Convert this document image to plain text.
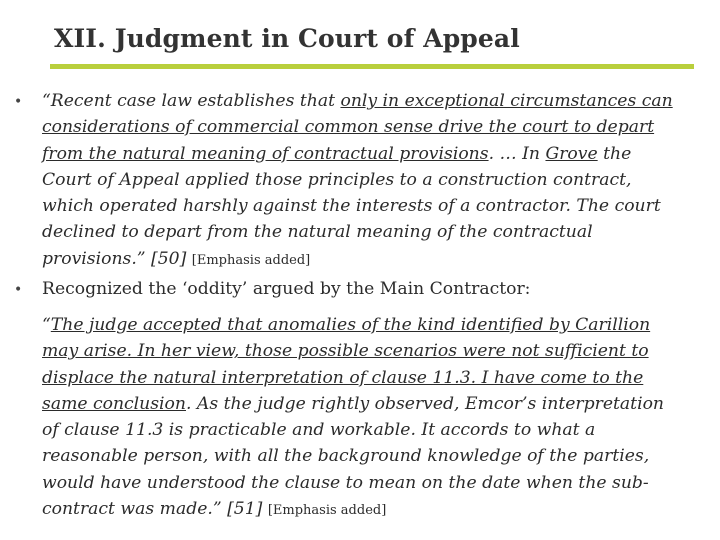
XII. Judgment in Court of Appeal
• “Recent case law establishes that only in exceptional circumstances can
considerations of commercial common sense drive the court to depart
from the natural meaning of contractual provisions. … In Grove the
Court of Appeal applied those principles to a construction contract,
which operated harshly against the interests of a contractor. The court
declined to depart from the natural meaning of the contractual
provisions.” [50] [Emphasis added]
• Recognized the ‘oddity’ argued by the Main Contractor:
“The judge accepted that anomalies of the kind identified by Carillion
may arise. In her view, those possible scenarios were not sufficient to
displace the natural interpretation of clause 11.3. I have come to the
same conclusion. As the judge rightly observed, Emcor’s interpretation
of clause 11.3 is practicable and workable. It accords to what a
reasonable person, with all the background knowledge of the parties,
would have understood the clause to mean on the date when the sub-
contract was made.” [51] [Emphasis added]
